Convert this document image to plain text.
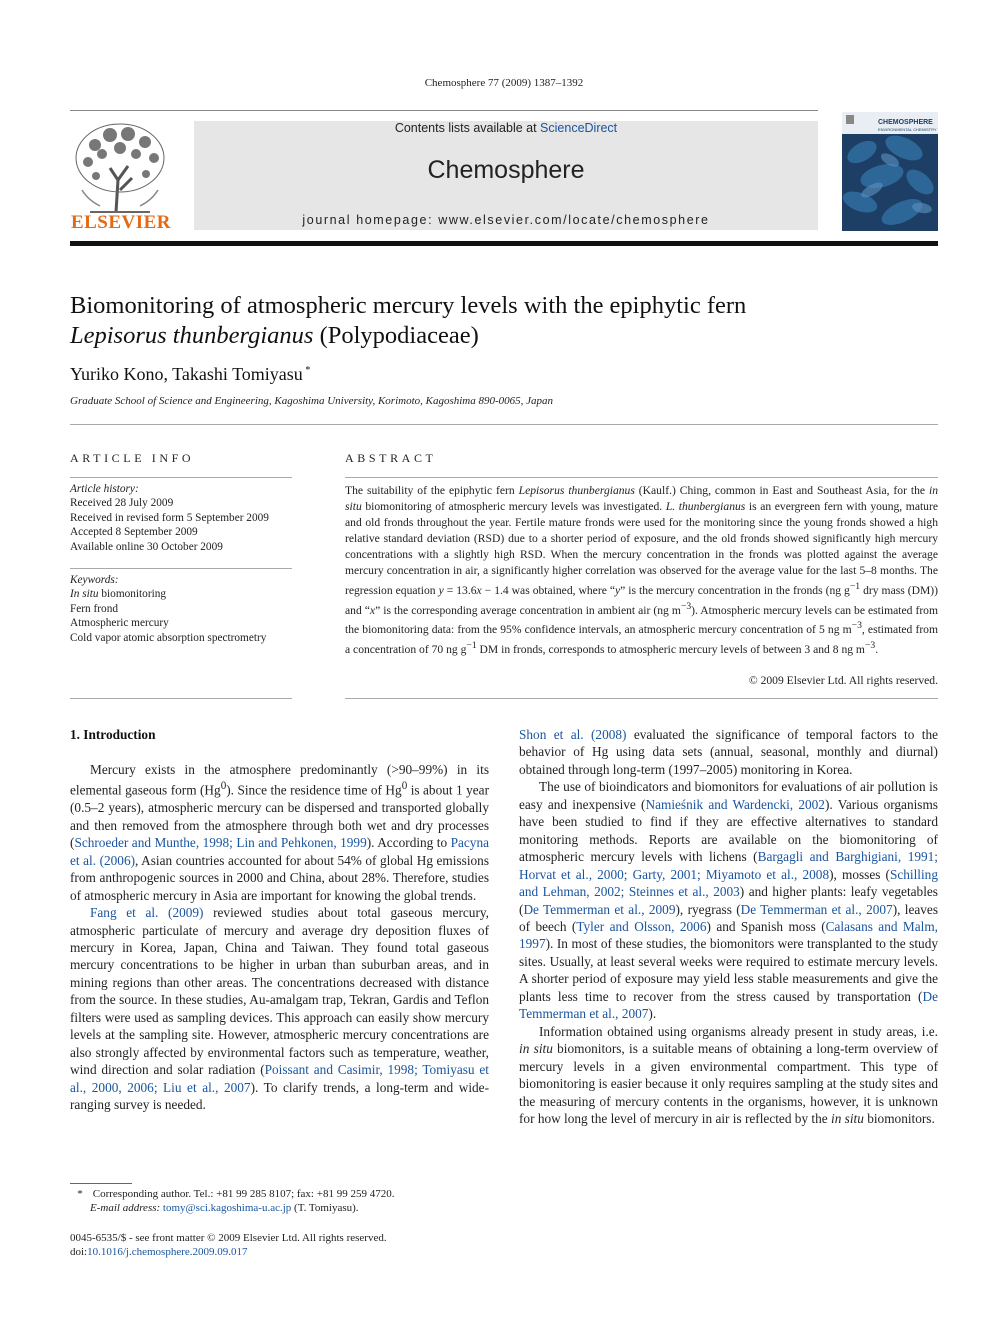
Chemosphere 77 (2009) 1387–1392
ELSEVIER
Contents lists available at ScienceDirect
Chemosphere
journal homepage: www.elsevier.com/locate/chemosphere
CHEMOSPHERE
ENVIRONMENTAL CHEMISTRY
Biomonitoring of atmospheric mercury levels with the epiphytic fern
Lepisorus thunbergianus (Polypodiaceae)
Yuriko Kono, Takashi Tomiyasu *
Graduate School of Science and Engineering, Kagoshima University, Korimoto, Kagoshima 890-0065, Japan
ARTICLE INFO
Article history:
Received 28 July 2009
Received in revised form 5 September 2009
Accepted 8 September 2009
Available online 30 October 2009
Keywords:
In situ biomonitoring
Fern frond
Atmospheric mercury
Cold vapor atomic absorption spectrometry
ABSTRACT
The suitability of the epiphytic fern Lepisorus thunbergianus (Kaulf.) Ching, common in East and Southeast Asia, for the in situ biomonitoring of atmospheric mercury levels was investigated. L. thunbergianus is an evergreen fern with young, mature and old fronds throughout the year. Fertile mature fronds were used for the monitoring since the young fronds showed a high relative standard deviation (RSD) due to a shorter period of exposure, and the old fronds showed significantly high mercury concentrations with a slightly high RSD. When the mercury concentration in the fronds was plotted against the average mercury concentration in air, a significantly higher correlation was observed for the average value for the last 5–8 months. The regression equation y = 13.6x − 1.4 was obtained, where “y” is the mercury concentration in the fronds (ng $g^{-1}$ dry mass (DM)) and “x” is the corresponding average concentration in ambient air (ng $m^{-3}$). Atmospheric mercury levels can be estimated from the biomonitoring data: from the 95% confidence intervals, an atmospheric mercury concentration of 5 ng $m^{-3}$, estimated from a concentration of 70 ng $g^{-1}$ DM in fronds, corresponds to atmospheric mercury levels of between 3 and 8 ng $m^{-3}$.
© 2009 Elsevier Ltd. All rights reserved.
1. Introduction

Mercury exists in the atmosphere predominantly (>90–99%) in its elemental gaseous form (Hg$^0$). Since the residence time of Hg$^0$ is about 1 year (0.5–2 years), atmospheric mercury can be dispersed and transported globally and then removed from the atmosphere through both wet and dry processes (Schroeder and Munthe, 1998; Lin and Pehkonen, 1999). According to Pacyna et al. (2006), Asian countries accounted for about 54% of global Hg emissions from anthropogenic sources in 2000 and China, about 28%. Therefore, studies of atmospheric mercury in Asia are important for knowing the global trends.

Fang et al. (2009) reviewed studies about total gaseous mercury, atmospheric particulate of mercury and average dry deposition fluxes of mercury in Korea, Japan, China and Taiwan. They found total gaseous mercury concentrations to be higher in urban than suburban areas, and in mining regions than other areas. The concentrations decreased with distance from the source. In these studies, Au-amalgam trap, Tekran, Gardis and Teflon filters were used as sampling devices. This approach can easily show mercury levels at the sampling site. However, atmospheric mercury concentrations are also strongly affected by environmental factors such as temperature, weather, wind direction and solar radiation (Poissant and Casimir, 1998; Tomiyasu et al., 2000, 2006; Liu et al., 2007). To clarify trends, a long-term and wide-ranging survey is needed.

Shon et al. (2008) evaluated the significance of temporal factors to the behavior of Hg using data sets (annual, seasonal, monthly and diurnal) obtained through long-term (1997–2005) monitoring in Korea.

The use of bioindicators and biomonitors for evaluations of air pollution is easy and inexpensive (Namieśnik and Wardencki, 2002). Various organisms have been studied to find if they are effective alternatives to standard monitoring methods. Reports are available on the biomonitoring of atmospheric mercury levels with lichens (Bargagli and Barghigiani, 1991; Horvat et al., 2000; Garty, 2001; Miyamoto et al., 2008), mosses (Schilling and Lehman, 2002; Steinnes et al., 2003) and higher plants: leafy vegetables (De Temmerman et al., 2009), ryegrass (De Temmerman et al., 2007), leaves of beech (Tyler and Olsson, 2006) and Spanish moss (Calasans and Malm, 1997). In most of these studies, the biomonitors were transplanted to the study sites. Usually, at least several weeks were required to estimate mercury levels. A shorter period of exposure may yield less stable measurements and give the plants less time to recover from the stress caused by transportation (De Temmerman et al., 2007).

Information obtained using organisms already present in study areas, i.e. in situ biomonitors, is a suitable means of obtaining a long-term overview of mercury levels in a given environmental compartment. This type of biomonitoring is easier because it only requires sampling at the study sites and the measuring of mercury contents in the organisms, however, it is unknown for how long the level of mercury in air is reflected by the in situ biomonitors.

* Corresponding author. Tel.: +81 99 285 8107; fax: +81 99 259 4720.
E-mail address: tomy@sci.kagoshima-u.ac.jp (T. Tomiyasu).
0045-6535/$ - see front matter © 2009 Elsevier Ltd. All rights reserved.
doi:10.1016/j.chemosphere.2009.09.017
